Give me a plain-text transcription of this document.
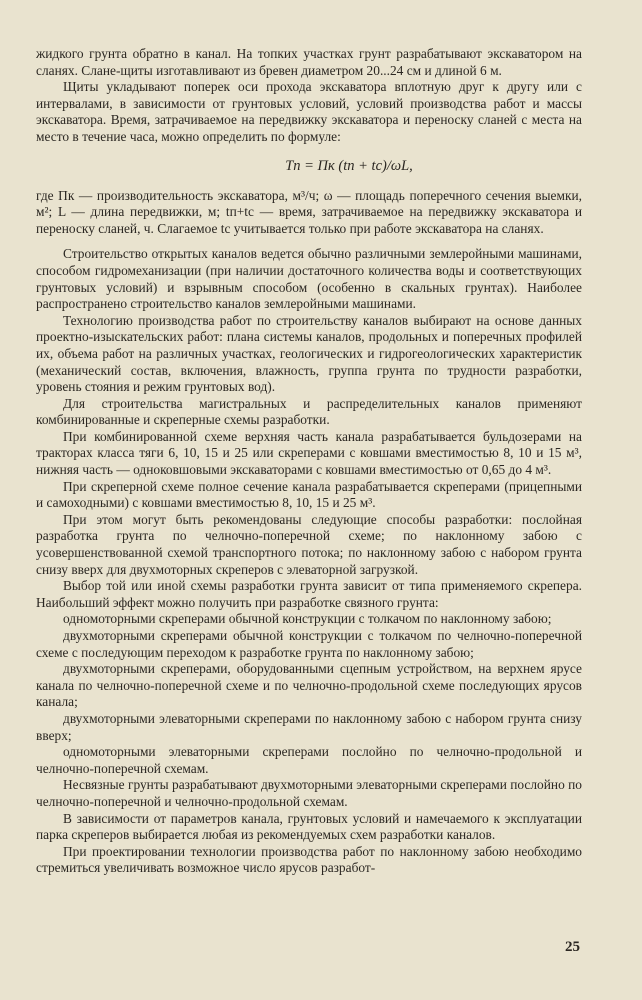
жидкого грунта обратно в канал. На топких участках грунт разрабатывают экскаватором на сланях. Слане-щиты изготавливают из бревен диаметром 20...24 см и длиной 6 м.

Щиты укладывают поперек оси прохода экскаватора вплотную друг к другу или с интервалами, в зависимости от грунтовых условий, условий производства работ и массы экскаватора. Время, затрачиваемое на передвижку экскаватора и переноску сланей с места на место в течение часа, можно определить по формуле:

Tп = Пк (tп + tс)/ωL,

где Пк — производительность экскаватора, м³/ч; ω — площадь поперечного сечения выемки, м²; L — длина передвижки, м; tп+tс — время, затрачиваемое на передвижку экскаватора и переноску сланей, ч. Слагаемое tс учитывается только при работе экскаватора на сланях.

Строительство открытых каналов ведется обычно различными землеройными машинами, способом гидромеханизации (при наличии достаточного количества воды и соответствующих грунтовых условий) и взрывным способом (особенно в скальных грунтах). Наиболее распространено строительство каналов землеройными машинами.

Технологию производства работ по строительству каналов выбирают на основе данных проектно-изыскательских работ: плана системы каналов, продольных и поперечных профилей их, объема работ на различных участках, геологических и гидрогеологических характеристик (механический состав, включения, влажность, группа грунта по трудности разработки, уровень стояния и режим грунтовых вод).

Для строительства магистральных и распределительных каналов применяют комбинированные и скреперные схемы разработки.

При комбинированной схеме верхняя часть канала разрабатывается бульдозерами на тракторах класса тяги 6, 10, 15 и 25 или скреперами с ковшами вместимостью 8, 10 и 15 м³, нижняя часть — одноковшовыми экскаваторами с ковшами вместимостью от 0,65 до 4 м³.

При скреперной схеме полное сечение канала разрабатывается скреперами (прицепными и самоходными) с ковшами вместимостью 8, 10, 15 и 25 м³.

При этом могут быть рекомендованы следующие способы разработки: послойная разработка грунта по челночно-поперечной схеме; по наклонному забою с усовершенствованной схемой транспортного потока; по наклонному забою с набором грунта снизу вверх для двухмоторных скреперов с элеваторной загрузкой.

Выбор той или иной схемы разработки грунта зависит от типа применяемого скрепера. Наибольший эффект можно получить при разработке связного грунта:

одномоторными скреперами обычной конструкции с толкачом по наклонному забою;

двухмоторными скреперами обычной конструкции с толкачом по челночно-поперечной схеме с последующим переходом к разработке грунта по наклонному забою;

двухмоторными скреперами, оборудованными сцепным устройством, на верхнем ярусе канала по челночно-поперечной схеме и по челночно-продольной схеме последующих ярусов канала;

двухмоторными элеваторными скреперами по наклонному забою с набором грунта снизу вверх;

одномоторными элеваторными скреперами послойно по челночно-продольной и челночно-поперечной схемам.

Несвязные грунты разрабатывают двухмоторными элеваторными скреперами послойно по челночно-поперечной и челночно-продольной схемам.

В зависимости от параметров канала, грунтовых условий и намечаемого к эксплуатации парка скреперов выбирается любая из рекомендуемых схем разработки каналов.

При проектировании технологии производства работ по наклонному забою необходимо стремиться увеличивать возможное число ярусов разработ-

25
